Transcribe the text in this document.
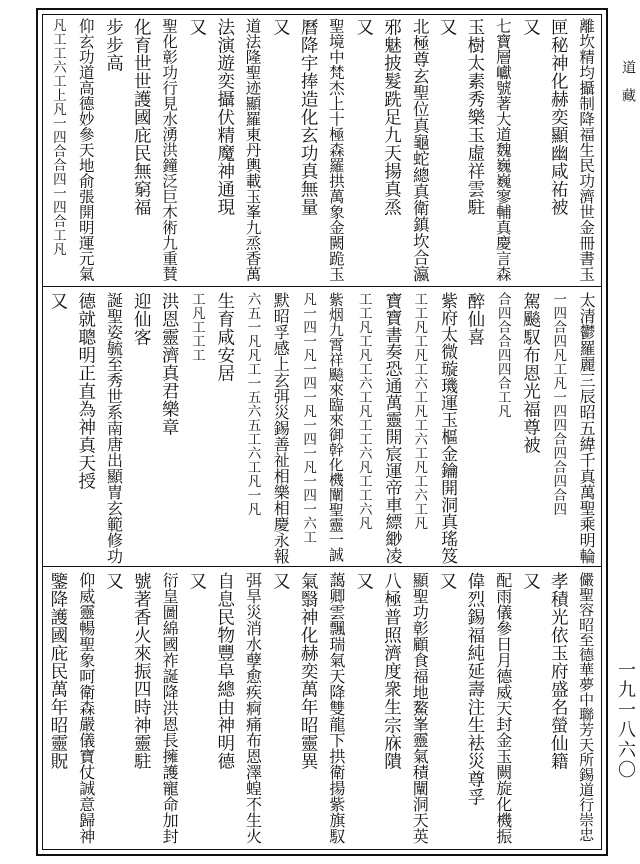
離坎精均攝制降福生民功濟世金冊書玉
匣秘神化赫奕顯幽咸祐被
又
七寶層巘號著大道魏巍巍寥輔真慶言森
玉樹太素秀樂玉虛祥雲駐
又
北極尊玄聖位真龜蛇總真衛鎮坎合瀛
邪魅披髮跣足九天揚真烝
又
聖境中梵杰上十極森羅拱萬象金闕跪玉
曆降宇捧造化玄功真無量
又
道法隆聖迹顯羅東丹輿載玉峯九烝香萬
法演遊奕攝伏精魔神通現
又
聖化彰功行見水湧洪鐘泛巨木術九重賛
化育世世護國庇民無窮福
步步高
仰玄功道高德妙參天地俞張開明運元氣
凡工工六工上凡一四合合四一四合工凡
太清鬱羅麗三辰昭五緯千真萬聖乘明輪
一四合四凡工凡一四四合四合四合四
駕飈馭布恩光福尊被
合四合合四四合工凡
醉仙喜
紫府太微璇璣運玉樞金鑰開洞真瑤笈
工工凡工凡工六工凡工六工凡工六工凡
寶寶書奏恐通萬靈開宸運帝車縹緲凌
工工凡工凡工六工凡工工六凡工工六凡
紫烟九霄祥飈來臨來御幹化機闡聖靈一誠
凡一四一凡一四一凡一四一凡一四一六工
默昭孚感上玄弭災錫善祉相樂相慶永報
六五一凡凡工一五六五工六工凡一凡
生育咸安居
工凡工工工
洪恩靈濟真君樂章
迎仙客
誕聖姿毓至秀世系南唐出顯冑玄範修功
德就聰明正直為神真天授
又
儼聖容昭至德華夢中聯芳天所錫道行崇忠
孝積光依玉府盛名螢仙籍
又
配雨儀參日月德威天封金玉闕旋化機振
偉烈錫福純延壽注生袪災尊孚
又
顯聖功彰顧食福地鰲峯靈氣積闡洞天英
八極普照濟度衆生宗庥隤
又
藹卿雲飄瑞氣天降雙龍下拱衛揚紫旗馭
氣翳神化赫奕萬年昭靈異
又
弭旱災消水孽愈疾痾痛布恩澤蝗不生火
自息民物豐阜總由神明德
又
衍皇圖綿國祚誕降洪恩長擁護寵命加封
號著香火來振四時神靈駐
又
仰威靈暢聖象呵衛森嚴儀寶仗誠意歸神
鑒降護國庇民萬年昭靈貺
道藏
一九一八六〇
